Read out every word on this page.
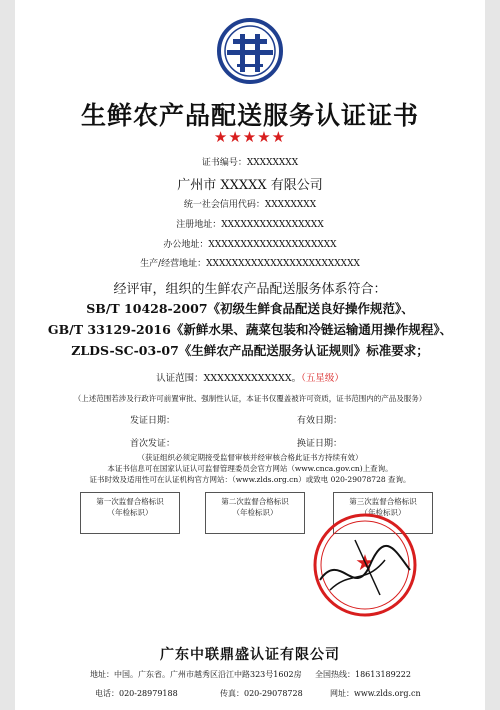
生鲜农产品配送服务认证证书
★★★★★
证书编号：XXXXXXXX
广州市 XXXXX 有限公司
统一社会信用代码：XXXXXXXX
注册地址：XXXXXXXXXXXXXXXX
办公地址：XXXXXXXXXXXXXXXXXXXX
生产/经营地址：XXXXXXXXXXXXXXXXXXXXXXXX
经评审，组织的生鲜农产品配送服务体系符合：
SB/T 10428-2007《初级生鲜食品配送良好操作规范》、
GB/T 33129-2016《新鲜水果、蔬菜包装和冷链运输通用操作规程》、
ZLDS-SC-03-07《生鲜农产品配送服务认证规则》标准要求；
认证范围：XXXXXXXXXXXXX。（五星级）
（上述范围若涉及行政许可前置审批、强制性认证，本证书仅覆盖被许可资质，证书范围内的产品及服务）
发证日期：	有效日期：
首次发证：	换证日期：
（获证组织必须定期接受监督审核并经审核合格此证书方持续有效）
本证书信息可在国家认证认可监督管理委员会官方网站（www.cnca.gov.cn)上查询。
证书时效及适用性可在认证机构官方网站：（www.zlds.org.cn）或致电 020-29078728 查询。
第一次监督合格标识
（年检标识）
第二次监督合格标识
（年检标识）
第三次监督合格标识
（年检标识）
★
广东中联鼎盛认证有限公司
地址：中国。广东省。广州市越秀区沿江中路323号1602房 全国热线：18613189222
电话：020-28979188	传真：020-29078728	网址：www.zlds.org.cn
